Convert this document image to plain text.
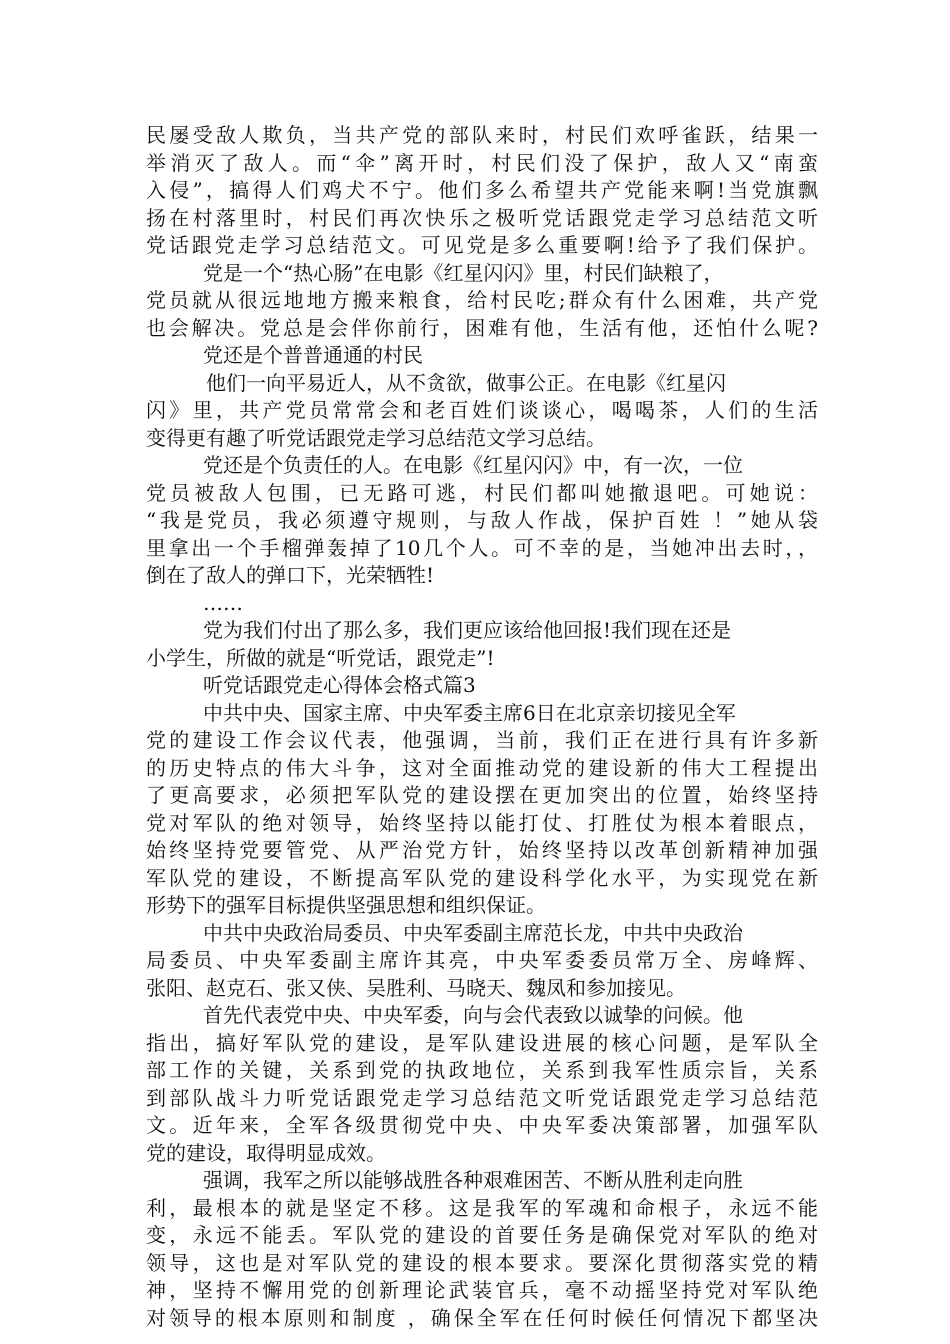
民屡受敌人欺负，当共产党的部队来时，村民们欢呼雀跃，结果一
举消灭了敌人。而“伞”离开时，村民们没了保护，敌人又“南蛮
入侵”，搞得人们鸡犬不宁。他们多么希望共产党能来啊!当党旗飘
扬在村落里时，村民们再次快乐之极听党话跟党走学习总结范文听
党话跟党走学习总结范文。可见党是多么重要啊!给予了我们保护。
党是一个“热心肠”在电影《红星闪闪》里，村民们缺粮了，
党员就从很远地地方搬来粮食，给村民吃;群众有什么困难，共产党
也会解决。党总是会伴你前行，困难有他，生活有他，还怕什么呢?
党还是个普普通通的村民
他们一向平易近人，从不贪欲，做事公正。在电影《红星闪
闪》里，共产党员常常会和老百姓们谈谈心，喝喝茶，人们的生活
变得更有趣了听党话跟党走学习总结范文学习总结。
党还是个负责任的人。在电影《红星闪闪》中，有一次，一位
党员被敌人包围，已无路可逃，村民们都叫她撤退吧。可她说：
“我是党员，我必须遵守规则，与敌人作战，保护百姓 ！”她从袋
里拿出一个手榴弹轰掉了10几个人。可不幸的是，当她冲出去时，，
倒在了敌人的弹口下，光荣牺牲!
……
党为我们付出了那么多，我们更应该给他回报!我们现在还是
小学生，所做的就是“听党话，跟党走”!
听党话跟党走心得体会格式篇3
中共中央、国家主席、中央军委主席6日在北京亲切接见全军
党的建设工作会议代表，他强调，当前，我们正在进行具有许多新
的历史特点的伟大斗争，这对全面推动党的建设新的伟大工程提出
了更高要求，必须把军队党的建设摆在更加突出的位置，始终坚持
党对军队的绝对领导，始终坚持以能打仗、打胜仗为根本着眼点，
始终坚持党要管党、从严治党方针，始终坚持以改革创新精神加强
军队党的建设，不断提高军队党的建设科学化水平，为实现党在新
形势下的强军目标提供坚强思想和组织保证。
中共中央政治局委员、中央军委副主席范长龙，中共中央政治
局委员、中央军委副主席许其亮，中央军委委员常万全、房峰辉、
张阳、赵克石、张又侠、吴胜利、马晓天、魏凤和参加接见。
首先代表党中央、中央军委，向与会代表致以诚挚的问候。他
指出，搞好军队党的建设，是军队建设进展的核心问题，是军队全
部工作的关键，关系到党的执政地位，关系到我军性质宗旨，关系
到部队战斗力听党话跟党走学习总结范文听党话跟党走学习总结范
文。近年来，全军各级贯彻党中央、中央军委决策部署，加强军队
党的建设，取得明显成效。
强调，我军之所以能够战胜各种艰难困苦、不断从胜利走向胜
利，最根本的就是坚定不移。这是我军的军魂和命根子，永远不能
变，永远不能丢。军队党的建设的首要任务是确保党对军队的绝对
领导，这也是对军队党的建设的根本要求。要深化贯彻落实党的精
神，坚持不懈用党的创新理论武装官兵，毫不动摇坚持党对军队绝
对领导的根本原则和制度 ，确保全军在任何时候任何情况下都坚决
